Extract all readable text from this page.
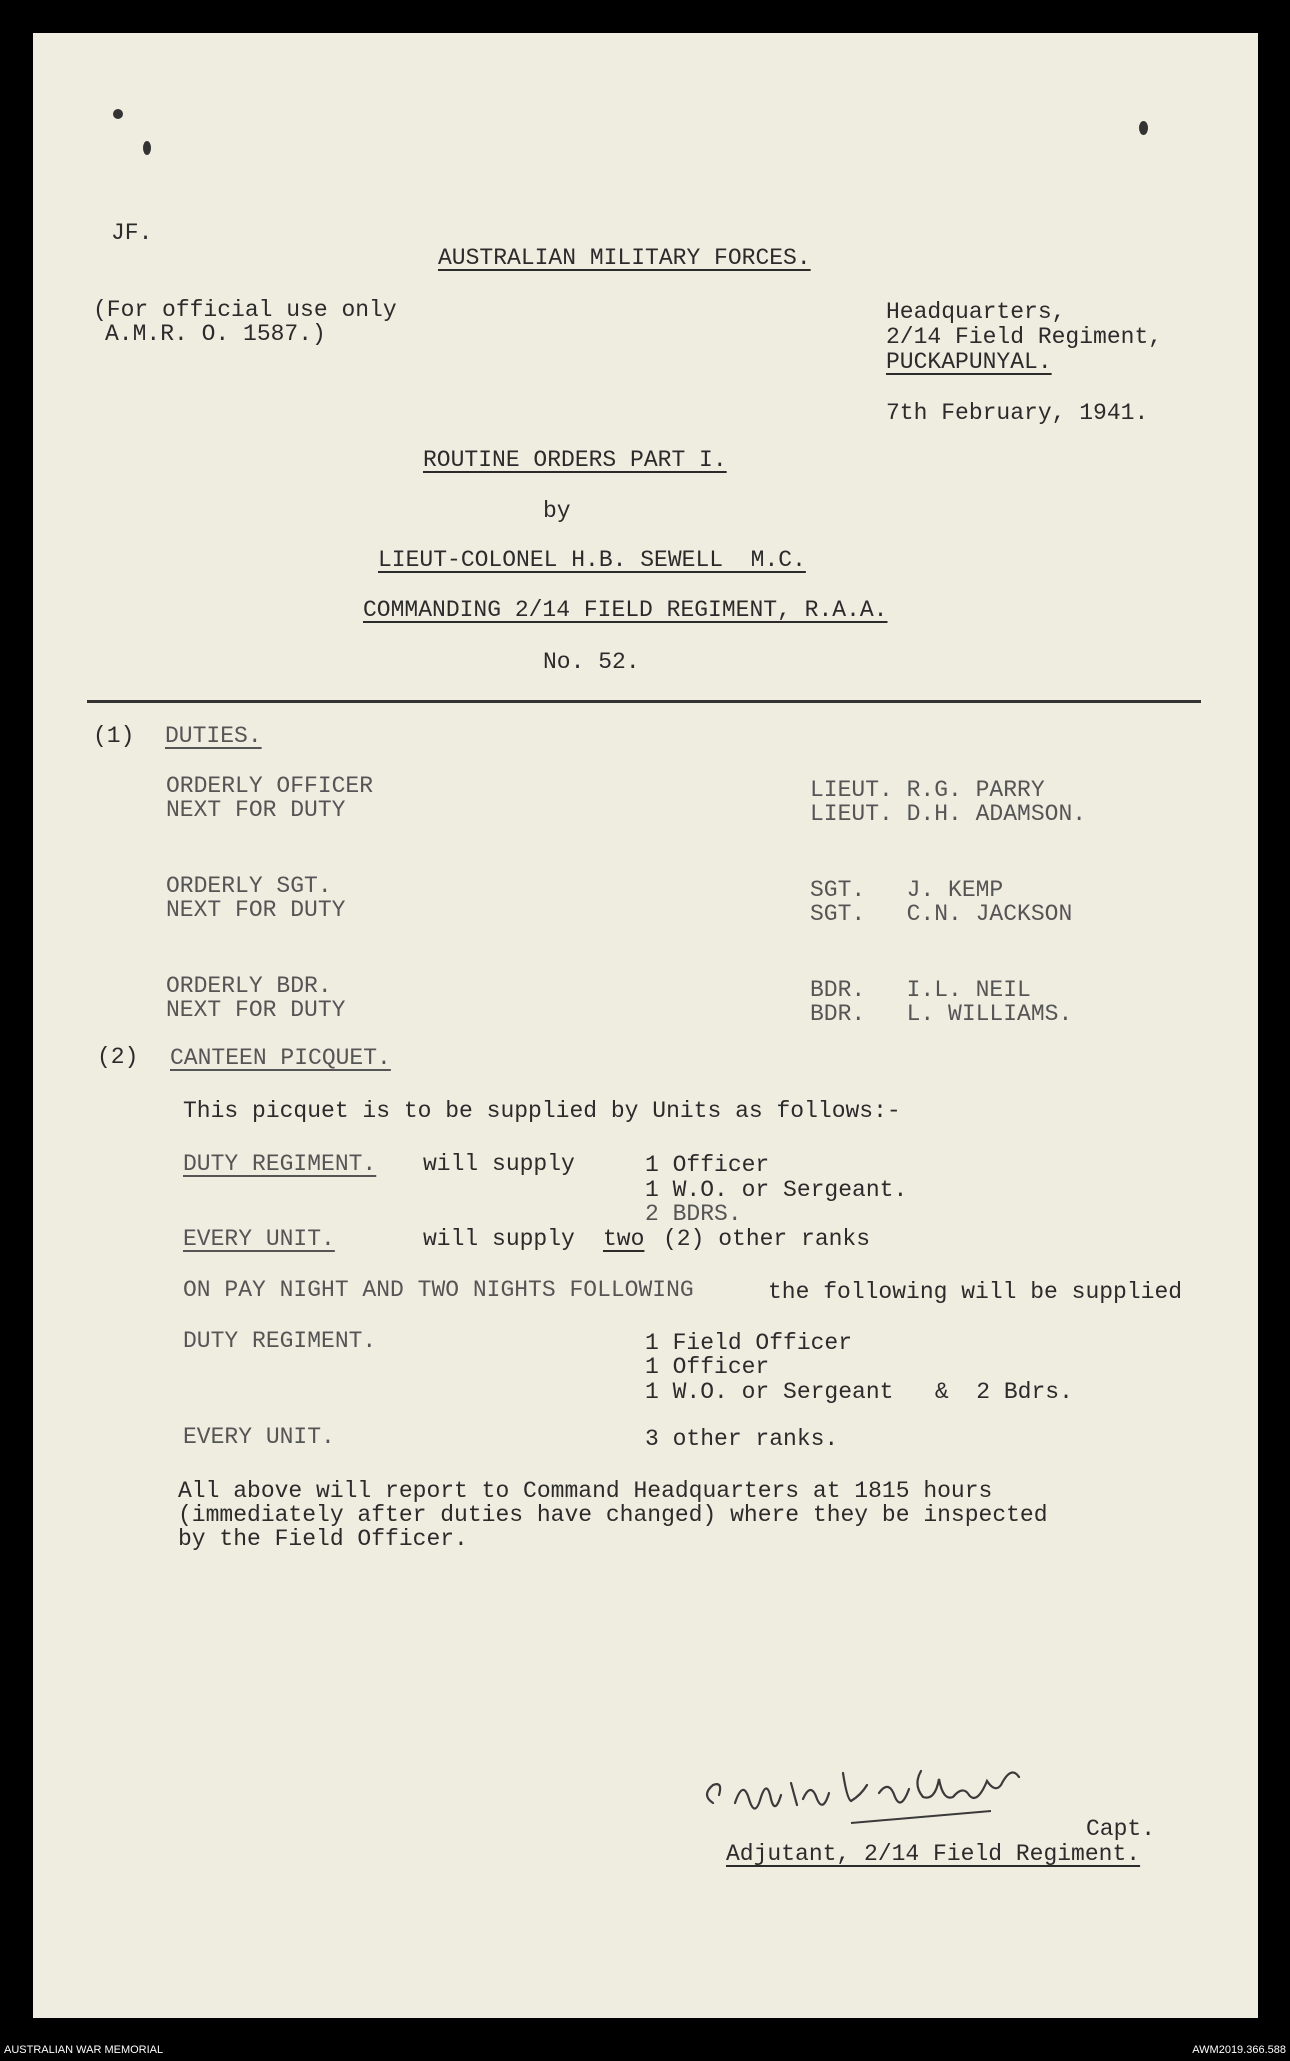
JF.
AUSTRALIAN MILITARY FORCES.
(For official use only
A.M.R. O. 1587.)
Headquarters,
2/14 Field Regiment,
PUCKAPUNYAL.
7th February, 1941.
ROUTINE ORDERS PART I.
by
LIEUT-COLONEL H.B. SEWELL  M.C.
COMMANDING 2/14 FIELD REGIMENT, R.A.A.
No. 52.
(1) DUTIES.
ORDERLY OFFICER	LIEUT. R.G. PARRY
NEXT FOR DUTY	LIEUT. D.H. ADAMSON.
ORDERLY SGT.	SGT.   J. KEMP
NEXT FOR DUTY	SGT.   C.N. JACKSON
ORDERLY BDR.	BDR.   I.L. NEIL
NEXT FOR DUTY	BDR.   L. WILLIAMS.
(2) CANTEEN PICQUET.
This picquet is to be supplied by Units as follows:-
DUTY REGIMENT. will supply	1 Officer
1 W.O. or Sergeant.
2 BDRS.
EVERY UNIT.	will supply two (2) other ranks
ON PAY NIGHT AND TWO NIGHTS FOLLOWING	the following will be supplied
DUTY REGIMENT.	1 Field Officer
1 Officer
1 W.O. or Sergeant   &  2 Bdrs.
EVERY UNIT.	3 other ranks.
All above will report to Command Headquarters at 1815 hours
(immediately after duties have changed) where they be inspected
by the Field Officer.
Capt.
Adjutant, 2/14 Field Regiment.
AUSTRALIAN WAR MEMORIAL	AWM2019.366.588
